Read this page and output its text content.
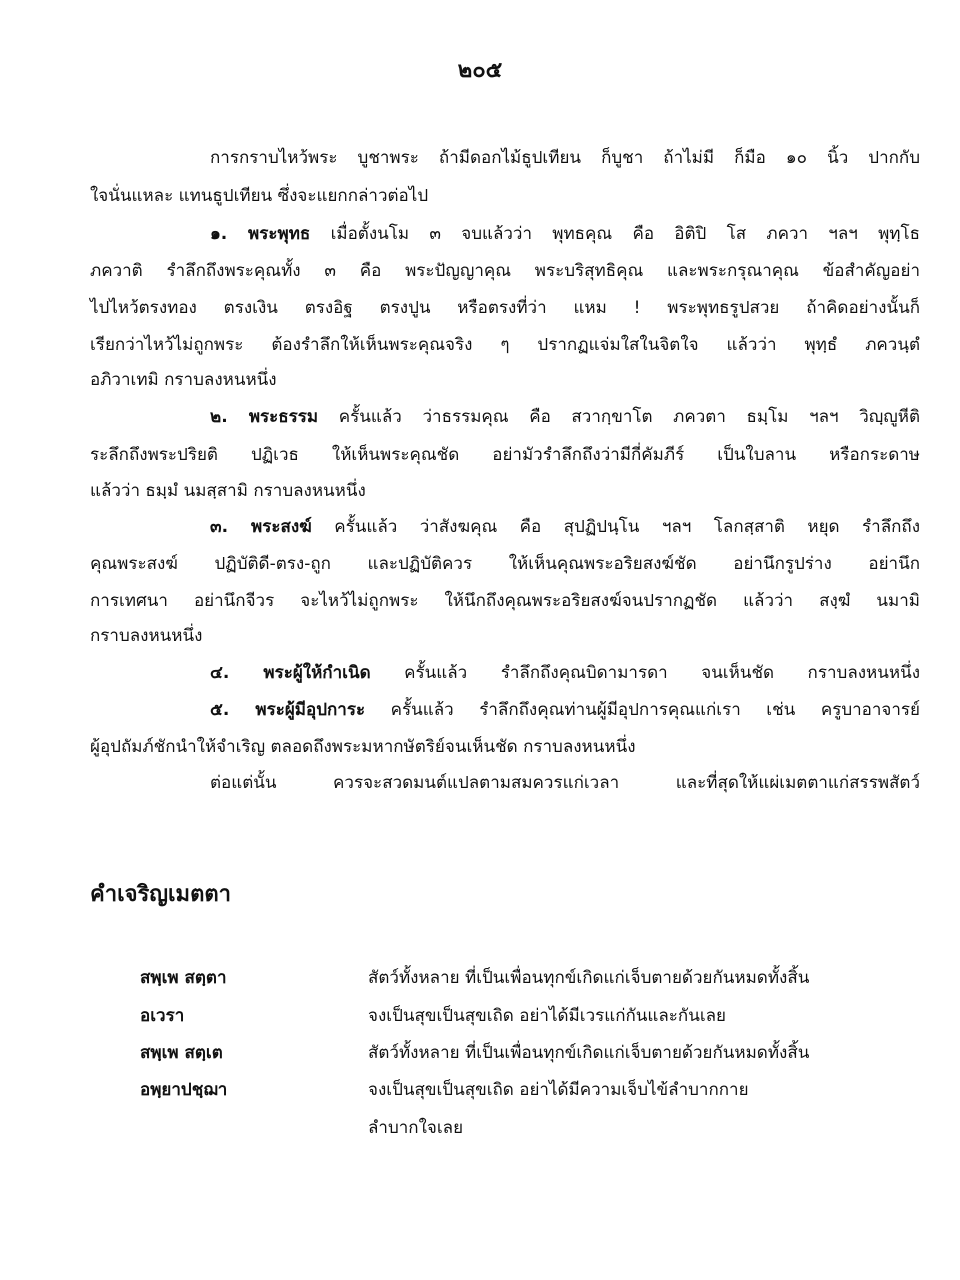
๒๐๕
การกราบไหว้พระ บูชาพระ ถ้ามีดอกไม้ธูปเทียน ก็บูชา ถ้าไม่มี ก็มือ ๑๐ นิ้ว ปากกับ
ใจนั่นแหละ แทนธูปเทียน ซึ่งจะแยกกล่าวต่อไป
๑. พระพุทธ เมื่อตั้งนโม ๓ จบแล้วว่า พุทธคุณ คือ อิติปิ โส ภควา ฯลฯ พุทฺโธ
ภควาติ รำลึกถึงพระคุณทั้ง ๓ คือ พระปัญญาคุณ พระบริสุทธิคุณ และพระกรุณาคุณ ข้อสำคัญอย่า
ไปไหว้ตรงทอง ตรงเงิน ตรงอิฐ ตรงปูน หรือตรงที่ว่า แหม ! พระพุทธรูปสวย ถ้าคิดอย่างนั้นก็
เรียกว่าไหว้ไม่ถูกพระ ต้องรำลึกให้เห็นพระคุณจริง ๆ ปรากฏแจ่มใสในจิตใจ แล้วว่า พุทฺธํ ภควนฺตํ
อภิวาเทมิ กราบลงหนหนึ่ง
๒. พระธรรม ครั้นแล้ว ว่าธรรมคุณ คือ สวากฺขาโต ภควตา ธมฺโม ฯลฯ วิญฺญูหีติ
ระลึกถึงพระปริยติ ปฏิเวธ ให้เห็นพระคุณชัด อย่ามัวรำลึกถึงว่ามีกี่คัมภีร์ เป็นใบลาน หรือกระดาษ
แล้วว่า ธมฺมํ นมสฺสามิ กราบลงหนหนึ่ง
๓. พระสงฆ์ ครั้นแล้ว ว่าสังฆคุณ คือ สุปฏิปนฺโน ฯลฯ โลกสฺสาติ หยุด รำลึกถึง
คุณพระสงฆ์ ปฏิบัติดี-ตรง-ถูก และปฏิบัติควร ให้เห็นคุณพระอริยสงฆ์ชัด อย่านึกรูปร่าง อย่านึก
การเทศนา อย่านึกจีวร จะไหว้ไม่ถูกพระ ให้นึกถึงคุณพระอริยสงฆ์จนปรากฏชัด แล้วว่า สงฺฆํ นมามิ
กราบลงหนหนึ่ง
๔. พระผู้ให้กำเนิด ครั้นแล้ว รำลึกถึงคุณบิดามารดา จนเห็นชัด กราบลงหนหนึ่ง
๕. พระผู้มีอุปการะ ครั้นแล้ว รำลึกถึงคุณท่านผู้มีอุปการคุณแก่เรา เช่น ครูบาอาจารย์
ผู้อุปถัมภ์ชักนำให้จำเริญ ตลอดถึงพระมหากษัตริย์จนเห็นชัด กราบลงหนหนึ่ง
ต่อแต่นั้น ควรจะสวดมนต์แปลตามสมควรแก่เวลา และที่สุดให้แผ่เมตตาแก่สรรพสัตว์
คำเจริญเมตตา
สพฺเพ สตฺตา	สัตว์ทั้งหลาย ที่เป็นเพื่อนทุกข์เกิดแก่เจ็บตายด้วยกันหมดทั้งสิ้น
อเวรา	จงเป็นสุขเป็นสุขเถิด อย่าได้มีเวรแก่กันและกันเลย
สพฺเพ สตฺเต	สัตว์ทั้งหลาย ที่เป็นเพื่อนทุกข์เกิดแก่เจ็บตายด้วยกันหมดทั้งสิ้น
อพฺยาปชฺฌา	จงเป็นสุขเป็นสุขเถิด อย่าได้มีความเจ็บไข้ลำบากกาย
ลำบากใจเลย
